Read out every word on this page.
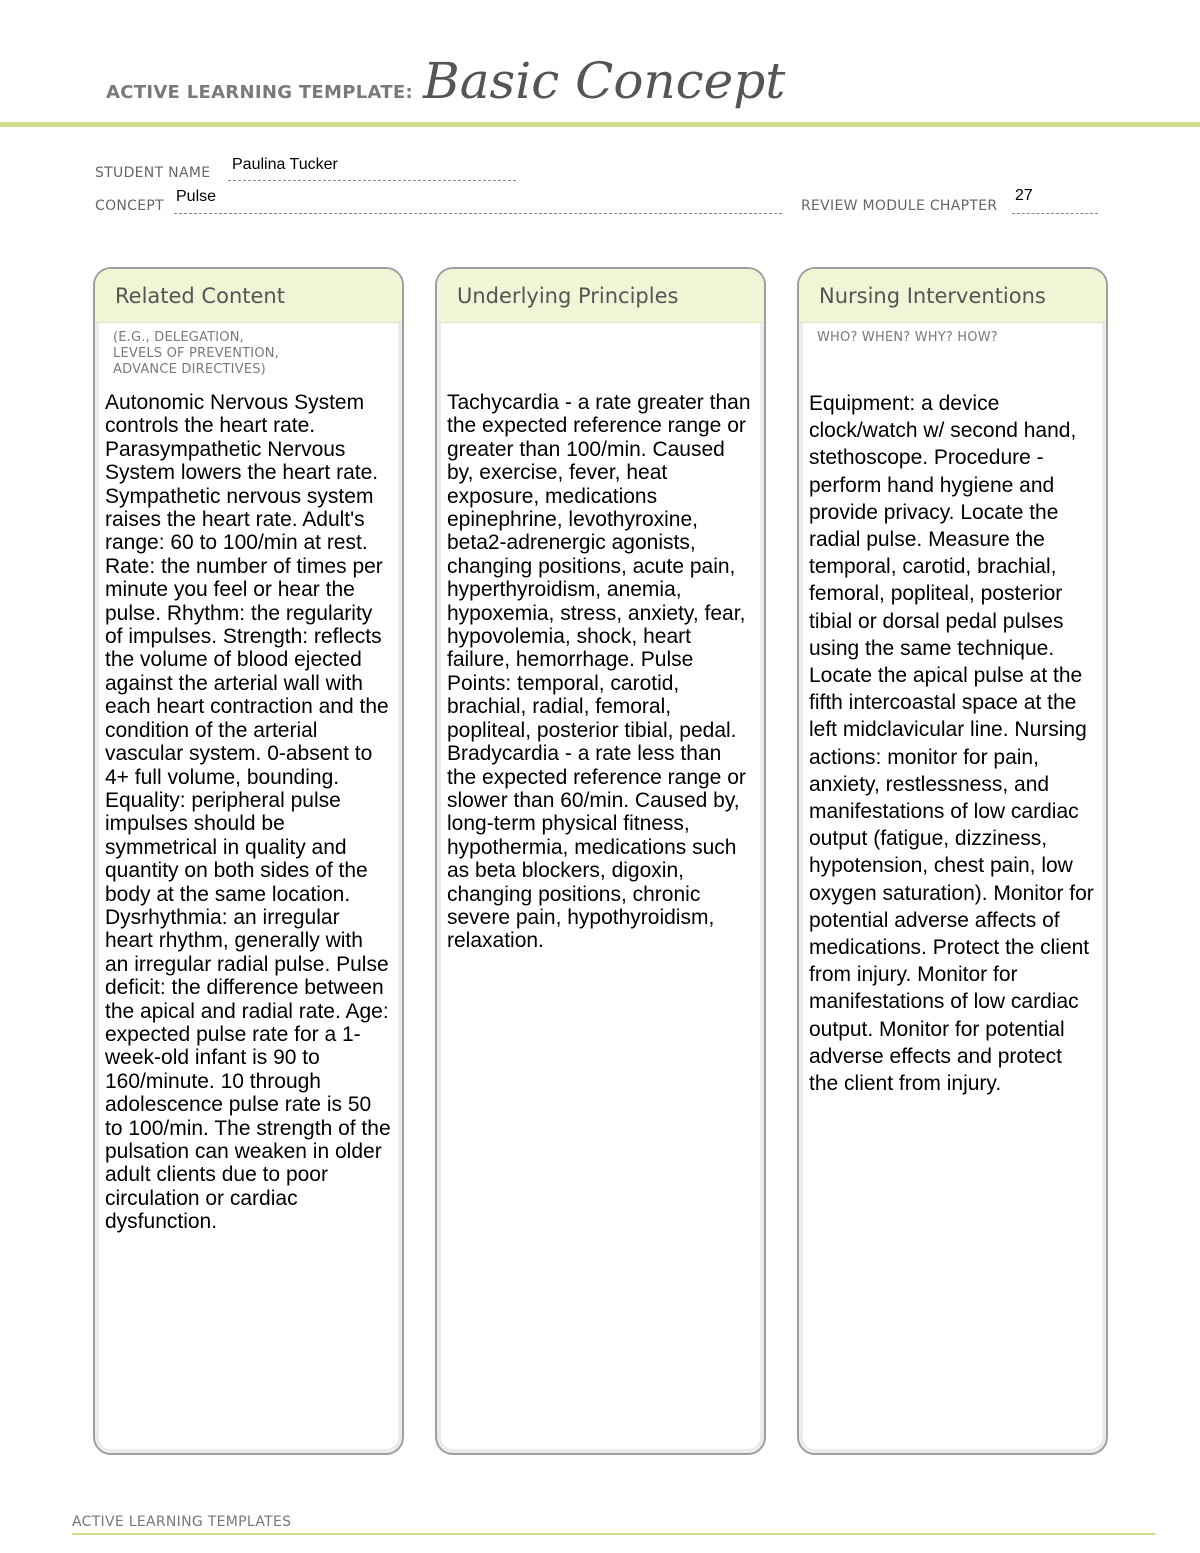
ACTIVE LEARNING TEMPLATE: Basic Concept
STUDENT NAME Paulina Tucker
CONCEPT
Pulse
REVIEW MODULE CHAPTER
27
Related Content
(E.G., DELEGATION,
LEVELS OF PREVENTION,
ADVANCE DIRECTIVES)
Autonomic Nervous System controls the heart rate. Parasympathetic Nervous System lowers the heart rate. Sympathetic nervous system raises the heart rate. Adult's range: 60 to 100/min at rest. Rate: the number of times per minute you feel or hear the pulse. Rhythm: the regularity of impulses. Strength: reflects the volume of blood ejected against the arterial wall with each heart contraction and the condition of the arterial vascular system. 0-absent to 4+ full volume, bounding. Equality: peripheral pulse impulses should be symmetrical in quality and quantity on both sides of the body at the same location. Dysrhythmia: an irregular heart rhythm, generally with an irregular radial pulse. Pulse deficit: the difference between the apical and radial rate. Age: expected pulse rate for a 1-week-old infant is 90 to 160/minute. 10 through adolescence pulse rate is 50 to 100/min. The strength of the pulsation can weaken in older adult clients due to poor circulation or cardiac dysfunction.
Underlying Principles
Tachycardia - a rate greater than the expected reference range or greater than 100/min. Caused by, exercise, fever, heat exposure, medications epinephrine, levothyroxine, beta2-adrenergic agonists, changing positions, acute pain, hyperthyroidism, anemia, hypoxemia, stress, anxiety, fear, hypovolemia, shock, heart failure, hemorrhage. Pulse Points: temporal, carotid, brachial, radial, femoral, popliteal, posterior tibial, pedal. Bradycardia - a rate less than the expected reference range or slower than 60/min. Caused by, long-term physical fitness, hypothermia, medications such as beta blockers, digoxin, changing positions, chronic severe pain, hypothyroidism, relaxation.
Nursing Interventions
WHO? WHEN? WHY? HOW?
Equipment: a device clock/watch w/ second hand, stethoscope. Procedure - perform hand hygiene and provide privacy. Locate the radial pulse. Measure the temporal, carotid, brachial, femoral, popliteal, posterior tibial or dorsal pedal pulses using the same technique. Locate the apical pulse at the fifth intercoastal space at the left midclavicular line. Nursing actions: monitor for pain, anxiety, restlessness, and manifestations of low cardiac output (fatigue, dizziness, hypotension, chest pain, low oxygen saturation). Monitor for potential adverse affects of medications. Protect the client from injury. Monitor for manifestations of low cardiac output. Monitor for potential adverse effects and protect the client from injury.
ACTIVE LEARNING TEMPLATES
